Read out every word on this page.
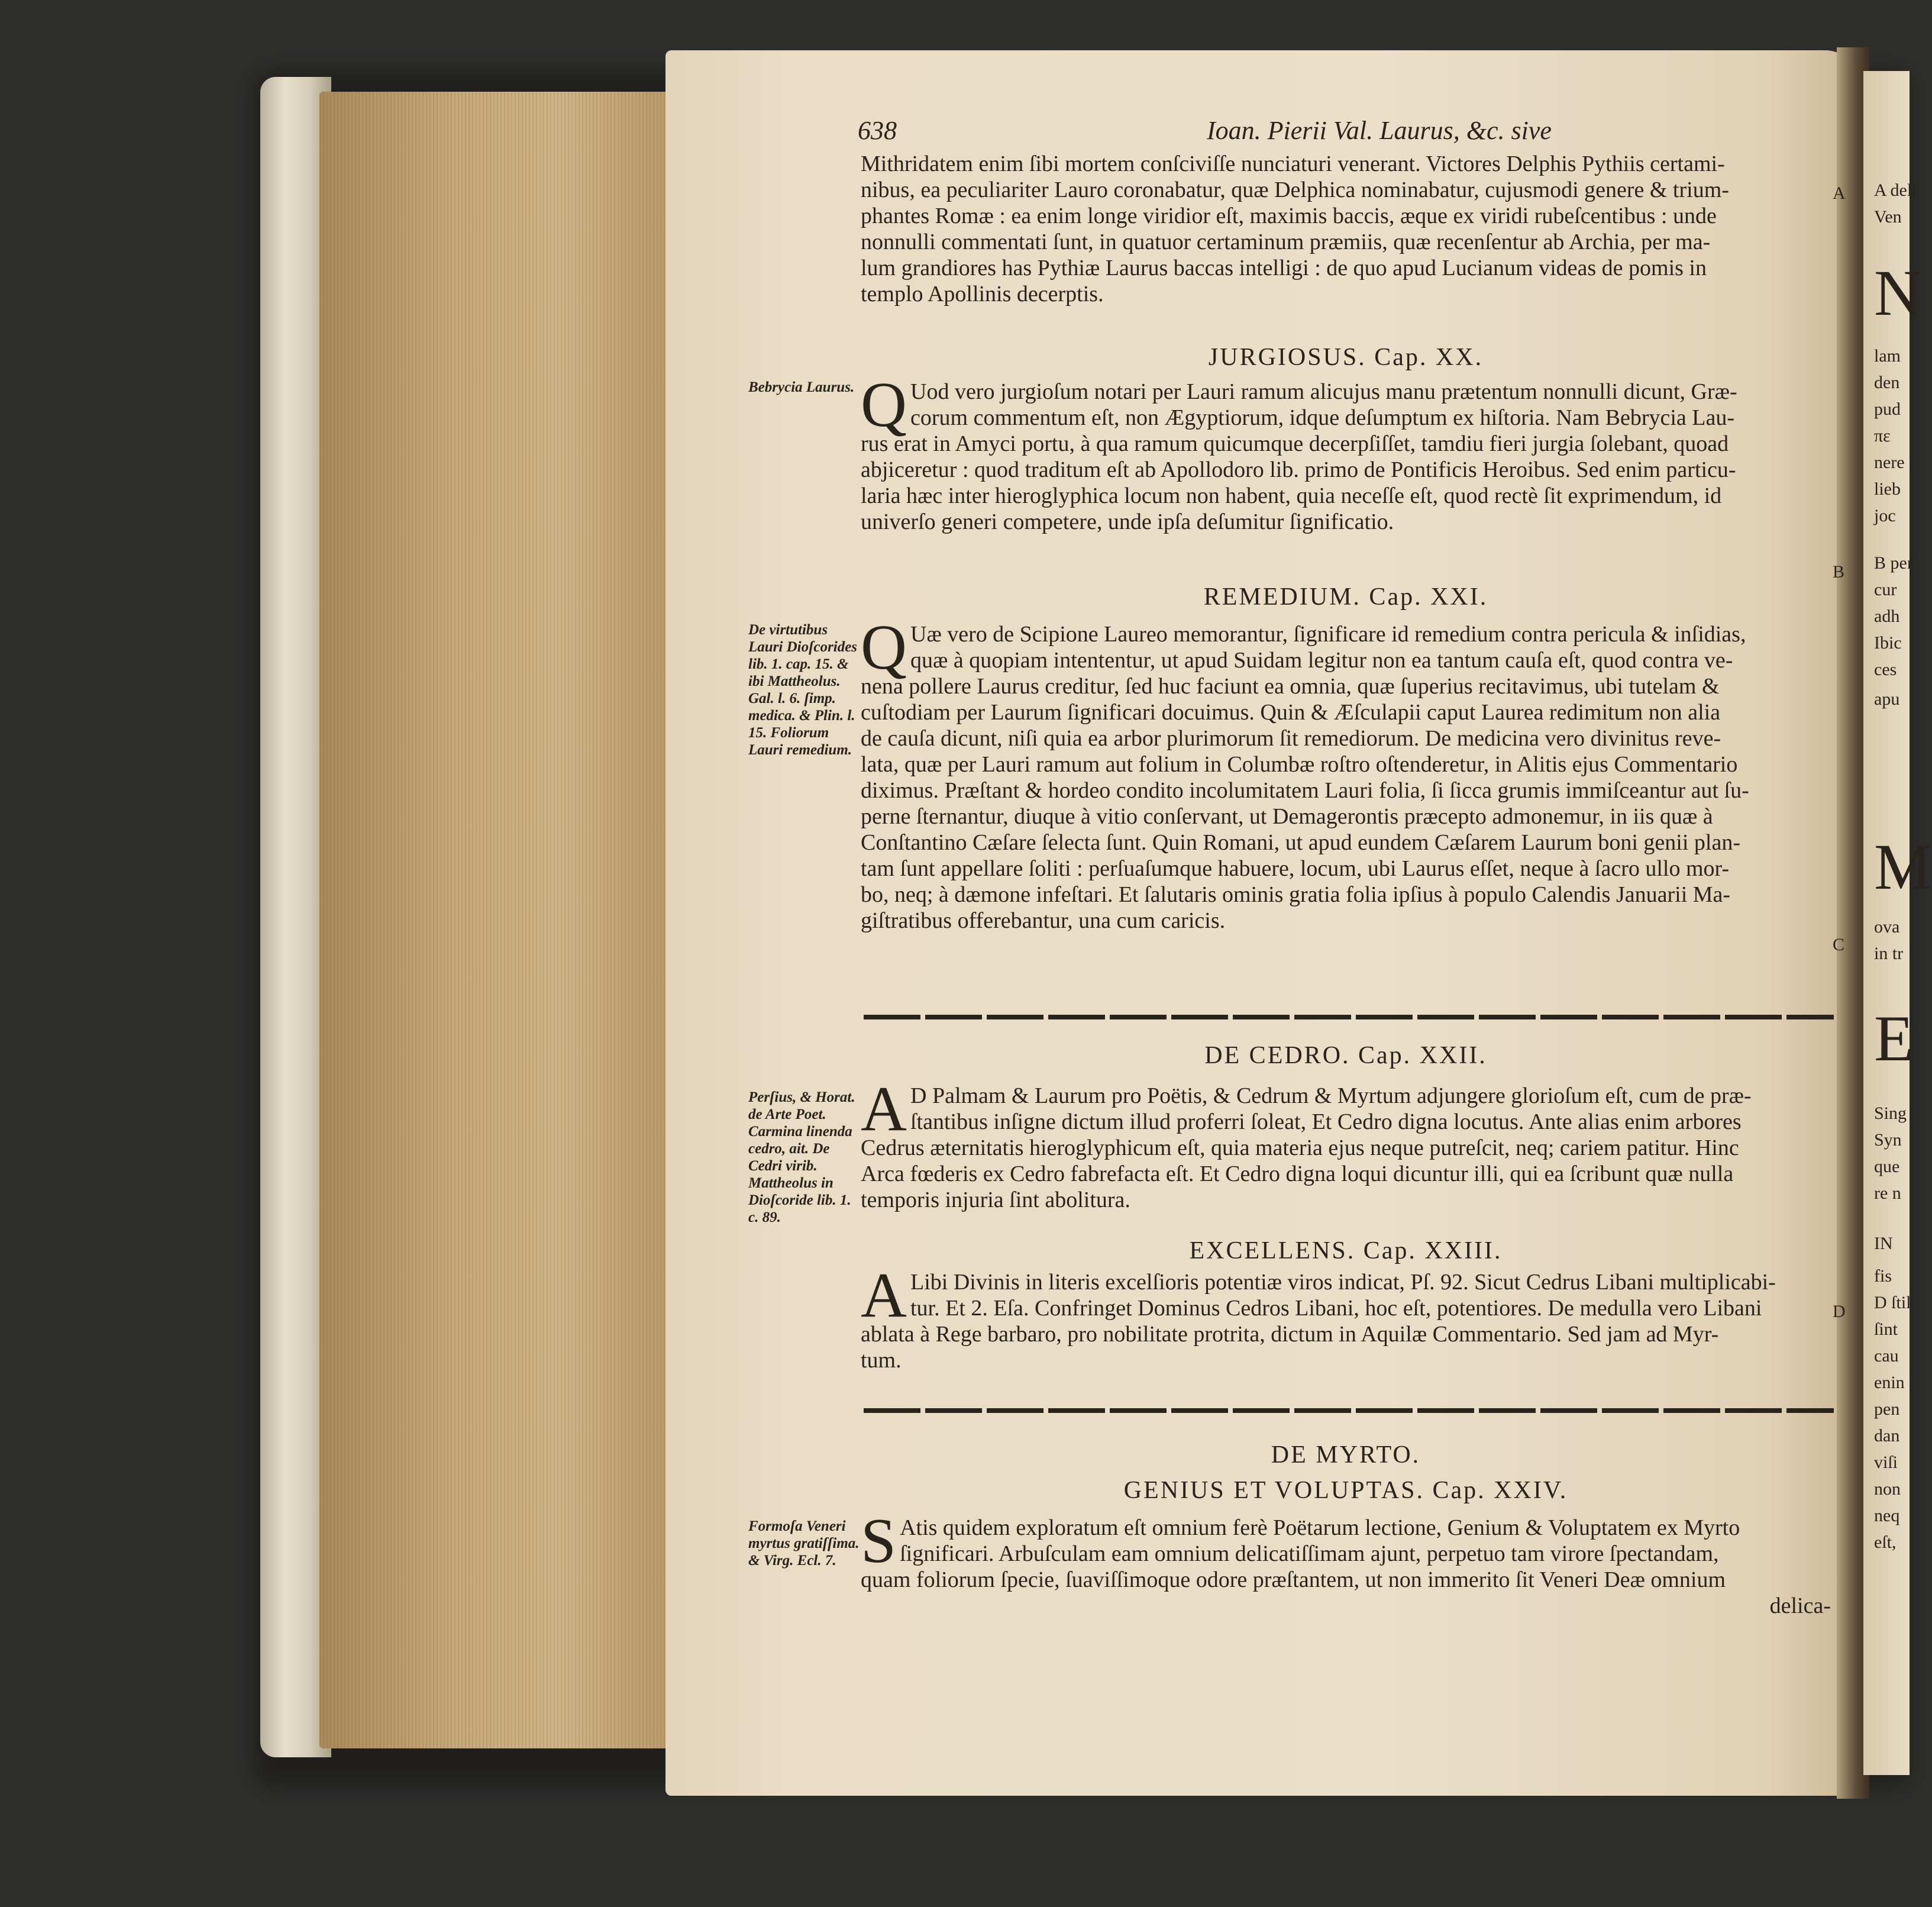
638	Ioan. Pierii Val. Laurus, &c. sive
Mithridatem enim ſibi mortem conſciviſſe nunciaturi venerant. Victores Delphis Pythiis certami-
nibus, ea peculiariter Lauro coronabatur, quæ Delphica nominabatur, cujusmodi genere & trium-
phantes Romæ : ea enim longe viridior eſt, maximis baccis, æque ex viridi rubeſcentibus : unde
nonnulli commentati ſunt, in quatuor certaminum præmiis, quæ recenſentur ab Archia, per ma-
lum grandiores has Pythiæ Laurus baccas intelligi : de quo apud Lucianum videas de pomis in
templo Apollinis decerptis.
JURGIOSUS. Cap. XX.
Bebrycia Laurus. Q Uod vero jurgioſum notari per Lauri ramum alicujus manu prætentum nonnulli dicunt, Græ-
corum commentum eſt, non Ægyptiorum, idque deſumptum ex hiſtoria. Nam Bebrycia Lau-
rus erat in Amyci portu, à qua ramum quicumque decerpſiſſet, tamdiu fieri jurgia ſolebant, quoad
abjiceretur : quod traditum eſt ab Apollodoro lib. primo de Pontificis Heroibus. Sed enim particu-
laria hæc inter hieroglyphica locum non habent, quia neceſſe eſt, quod rectè ſit exprimendum, id
univerſo generi competere, unde ipſa deſumitur ſignificatio.
REMEDIUM. Cap. XXI.
De virtutibus Lauri Dioſcorides lib. 1. cap. 15. & ibi Mattheolus. Gal. l. 6. ſimp. medica. & Plin. l. 15. Foliorum Lauri remedium.
Q Uæ vero de Scipione Laureo memorantur, ſignificare id remedium contra pericula & inſidias,
quæ à quopiam intententur, ut apud Suidam legitur non ea tantum cauſa eſt, quod contra ve-
nena pollere Laurus creditur, ſed huc faciunt ea omnia, quæ ſuperius recitavimus, ubi tutelam &
cuſtodiam per Laurum ſignificari docuimus. Quin & Æſculapii caput Laurea redimitum non alia
de cauſa dicunt, niſi quia ea arbor plurimorum ſit remediorum. De medicina vero divinitus reve-
lata, quæ per Lauri ramum aut folium in Columbæ roſtro oſtenderetur, in Alitis ejus Commentario
diximus. Præſtant & hordeo condito incolumitatem Lauri folia, ſi ſicca grumis immiſceantur aut ſu-
perne ſternantur, diuque à vitio conſervant, ut Demagerontis præcepto admonemur, in iis quæ à
Conſtantino Cæſare ſelecta ſunt. Quin Romani, ut apud eundem Cæſarem Laurum boni genii plan-
tam ſunt appellare ſoliti : perſuaſumque habuere, locum, ubi Laurus eſſet, neque à ſacro ullo mor-
bo, neq; à dæmone infeſtari. Et ſalutaris ominis gratia folia ipſius à populo Calendis Januarii Ma-
giſtratibus offerebantur, una cum caricis.
DE CEDRO. Cap. XXII.
Perſius, & Horat. de Arte Poet. Carmina linenda cedro, ait. De Cedri virib. Mattheolus in Dioſcoride lib. 1. c. 89.
A D Palmam & Laurum pro Poëtis, & Cedrum & Myrtum adjungere glorioſum eſt, cum de præ-
ſtantibus inſigne dictum illud proferri ſoleat, Et Cedro digna locutus. Ante alias enim arbores
Cedrus æternitatis hieroglyphicum eſt, quia materia ejus neque putreſcit, neq; cariem patitur. Hinc
Arca fœderis ex Cedro fabrefacta eſt. Et Cedro digna loqui dicuntur illi, qui ea ſcribunt quæ nulla
temporis injuria ſint abolitura.
EXCELLENS. Cap. XXIII.
A Libi Divinis in literis excelſioris potentiæ viros indicat, Pſ. 92. Sicut Cedrus Libani multiplicabi-
tur. Et 2. Eſa. Confringet Dominus Cedros Libani, hoc eſt, potentiores. De medulla vero Libani
ablata à Rege barbaro, pro nobilitate protrita, dictum in Aquilæ Commentario. Sed jam ad Myr-
tum.
DE MYRTO.
GENIUS ET VOLUPTAS. Cap. XXIV.
Formoſa Veneri myrtus gratiſſima. & Virg. Ecl. 7. S Atis quidem exploratum eſt omnium ferè Poëtarum lectione, Genium & Voluptatem ex Myrto
ſignificari. Arbuſculam eam omnium delicatiſſimam ajunt, perpetuo tam virore ſpectandam,
quam foliorum ſpecie, ſuaviſſimoque odore præſtantem, ut non immerito ſit Veneri Deæ omnium
delica-
A
B
C
D
A deli
Ven
N
lam
den
pud
πε
nere
lieb
joc
B per
cur
adh
Ibic
ces
apu
M
ova
in tr
E
Sing
Syn
que
re n
IN
fis
D ſtil
ſint
cau
enin
pen
dan
viſi
non
neq
eſt,
